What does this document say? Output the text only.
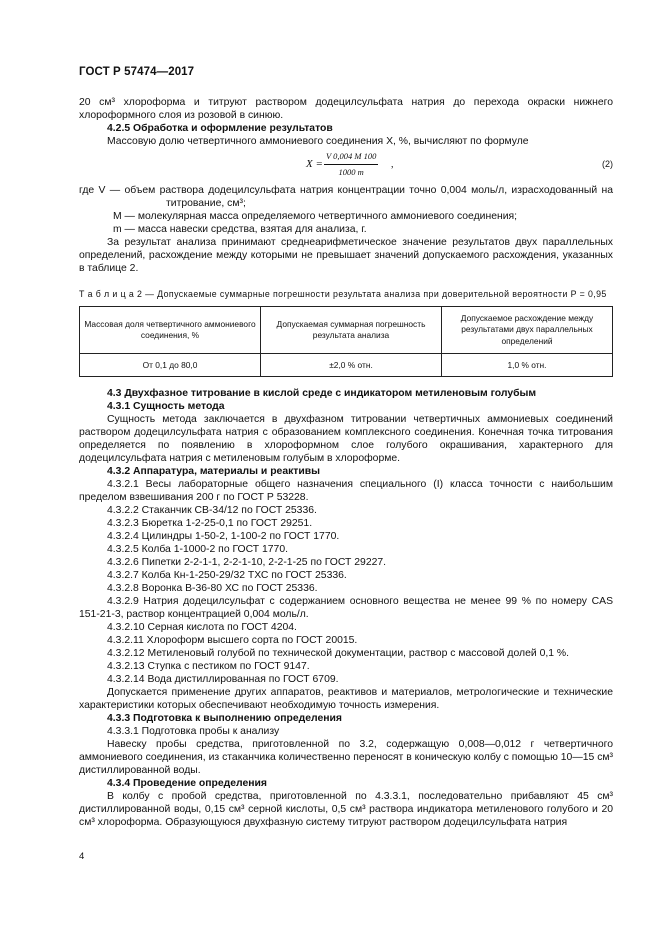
ГОСТ Р 57474—2017

20 см³ хлороформа и титруют раствором додецилсульфата натрия до перехода окраски нижнего хлороформного слоя из розовой в синюю.

4.2.5 Обработка и оформление результатов

Массовую долю четвертичного аммониевого соединения X, %, вычисляют по формуле

$X = \frac{V 0,004 M 100}{1000 m}$ ,	(2)

где V — объем раствора додецилсульфата натрия концентрации точно 0,004 моль/л, израсходованный на титрование, см³;

M — молекулярная масса определяемого четвертичного аммониевого соединения;

m — масса навески средства, взятая для анализа, г.

За результат анализа принимают среднеарифметическое значение результатов двух параллельных определений, расхождение между которыми не превышает значений допускаемого расхождения, указанных в таблице 2.

Т а б л и ц а 2 — Допускаемые суммарные погрешности результата анализа при доверительной вероятности P = 0,95
Массовая доля четвертичного аммониевого соединения, %	Допускаемая суммарная погрешность результата анализа	Допускаемое расхождение между результатами двух параллельных определений
От 0,1 до 80,0	±2,0 % отн.	1,0 % отн.

4.3 Двухфазное титрование в кислой среде с индикатором метиленовым голубым

4.3.1 Сущность метода

Сущность метода заключается в двухфазном титровании четвертичных аммониевых соединений раствором додецилсульфата натрия с образованием комплексного соединения. Конечная точка титрования определяется по появлению в хлороформном слое голубого окрашивания, характерного для додецилсульфата натрия с метиленовым голубым в хлороформе.

4.3.2 Аппаратура, материалы и реактивы

4.3.2.1 Весы лабораторные общего назначения специального (I) класса точности с наибольшим пределом взвешивания 200 г по ГОСТ Р 53228.

4.3.2.2 Стаканчик СВ-34/12 по ГОСТ 25336.

4.3.2.3 Бюретка 1-2-25-0,1 по ГОСТ 29251.

4.3.2.4 Цилиндры 1-50-2, 1-100-2 по ГОСТ 1770.

4.3.2.5 Колба 1-1000-2 по ГОСТ 1770.

4.3.2.6 Пипетки 2-2-1-1, 2-2-1-10, 2-2-1-25 по ГОСТ 29227.

4.3.2.7 Колба Кн-1-250-29/32 ТХС по ГОСТ 25336.

4.3.2.8 Воронка В-36-80 ХС по ГОСТ 25336.

4.3.2.9 Натрия додецилсульфат с содержанием основного вещества не менее 99 % по номеру CAS 151-21-3, раствор концентрацией 0,004 моль/л.

4.3.2.10 Серная кислота по ГОСТ 4204.

4.3.2.11 Хлороформ высшего сорта по ГОСТ 20015.

4.3.2.12 Метиленовый голубой по технической документации, раствор с массовой долей 0,1 %.

4.3.2.13 Ступка с пестиком по ГОСТ 9147.

4.3.2.14 Вода дистиллированная по ГОСТ 6709.

Допускается применение других аппаратов, реактивов и материалов, метрологические и технические характеристики которых обеспечивают необходимую точность измерения.

4.3.3 Подготовка к выполнению определения

4.3.3.1 Подготовка пробы к анализу

Навеску пробы средства, приготовленной по 3.2, содержащую 0,008—0,012 г четвертичного аммониевого соединения, из стаканчика количественно переносят в коническую колбу с помощью 10—15 см³ дистиллированной воды.

4.3.4 Проведение определения

В колбу с пробой средства, приготовленной по 4.3.3.1, последовательно прибавляют 45 см³ дистиллированной воды, 0,15 см³ серной кислоты, 0,5 см³ раствора индикатора метиленового голубого и 20 см³ хлороформа. Образующуюся двухфазную систему титруют раствором додецилсульфата натрия

4
